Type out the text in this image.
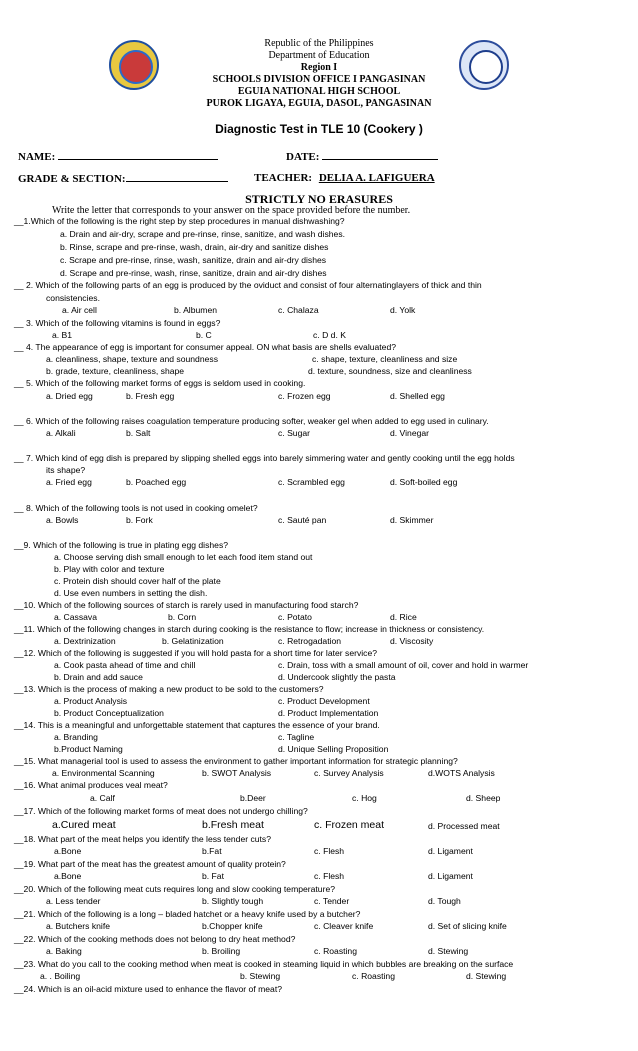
Republic of the Philippines
Department of Education
Region I
SCHOOLS DIVISION OFFICE I PANGASINAN
EGUIA NATIONAL HIGH SCHOOL
PUROK LIGAYA, EGUIA, DASOL, PANGASINAN
Diagnostic Test in TLE 10 (Cookery )
NAME:	DATE:
GRADE & SECTION:	TEACHER: DELIA A. LAFIGUERA
STRICTLY NO ERASURES
Write the letter that corresponds to your answer on the space provided before the number.
__1.Which of the following is the right step by step procedures in manual dishwashing?
a. Drain and air-dry, scrape and pre-rinse, rinse, sanitize, and wash dishes.
b. Rinse, scrape and pre-rinse, wash, drain, air-dry and sanitize dishes
c. Scrape and pre-rinse, rinse, wash, sanitize, drain and air-dry dishes
d. Scrape and pre-rinse, wash, rinse, sanitize, drain and air-dry dishes
__ 2. Which of the following parts of an egg is produced by the oviduct and consist of four alternatinglayers of thick and thin
consistencies.
a. Air cell	b. Albumen	c. Chalaza	d. Yolk
__ 3. Which of the following vitamins is found in eggs?
a. B1	b. C	c. D d. K
__ 4. The appearance of egg is important for consumer appeal. ON what basis are shells evaluated?
a. cleanliness, shape, texture and soundness	c. shape, texture, cleanliness and size
b. grade, texture, cleanliness, shape	d. texture, soundness, size and cleanliness
__ 5. Which of the following market forms of eggs is seldom used in cooking.
a. Dried egg	b. Fresh egg	c. Frozen egg	d. Shelled egg
__ 6. Which of the following raises coagulation temperature producing softer, weaker gel when added to egg used in culinary.
a. Alkali	b. Salt	c. Sugar	d. Vinegar
__ 7. Which kind of egg dish is prepared by slipping shelled eggs into barely simmering water and gently cooking until the egg holds
its shape?
a. Fried egg	b. Poached egg	c. Scrambled egg	d. Soft-boiled egg
__ 8. Which of the following tools is not used in cooking omelet?
a. Bowls	b. Fork	c. Sauté pan	d. Skimmer
__9. Which of the following is true in plating egg dishes?
a. Choose serving dish small enough to let each food item stand out
b. Play with color and texture
c. Protein dish should cover half of the plate
d. Use even numbers in setting the dish.
__10. Which of the following sources of starch is rarely used in manufacturing food starch?
a. Cassava	b. Corn	c. Potato	d. Rice
__11. Which of the following changes in starch during cooking is the resistance to flow; increase in thickness or consistency.
a. Dextrinization	b. Gelatinization	c. Retrogadation	d. Viscosity
__12. Which of the following is suggested if you will hold pasta for a short time for later service?
a. Cook pasta ahead of time and chill	c. Drain, toss with a small amount of oil, cover and hold in warmer
b. Drain and add sauce	d. Undercook slightly the pasta
__13. Which is the process of making a new product to be sold to the customers?
a. Product Analysis	c. Product Development
b. Product Conceptualization	d. Product Implementation
__14. This is a meaningful and unforgettable statement that captures the essence of your brand.
a. Branding	c. Tagline
b.Product Naming	d. Unique Selling Proposition
__15. What managerial tool is used to assess the environment to gather important information for strategic planning?
a. Environmental Scanning	b. SWOT Analysis	c. Survey Analysis	d.WOTS Analysis
__16. What animal produces veal meat?
a. Calf	b.Deer	c. Hog	d. Sheep
__17. Which of the following market forms of meat does not undergo chilling?
a.Cured meat	b.Fresh meat	c. Frozen meat	d. Processed meat
__18. What part of the meat helps you identify the less tender cuts?
a.Bone	b.Fat	c. Flesh	d. Ligament
__19. What part of the meat has the greatest amount of quality protein?
a.Bone	b. Fat	c. Flesh	d. Ligament
__20. Which of the following meat cuts requires long and slow cooking temperature?
a. Less tender	b. Slightly tough	c. Tender	d. Tough
__21. Which of the following is a long – bladed hatchet or a heavy knife used by a butcher?
a. Butchers knife	b.Chopper knife	c. Cleaver knife	d. Set of slicing knife
__22. Which of the cooking methods does not belong to dry heat method?
a. Baking	b. Broiling	c. Roasting	d. Stewing
__23. What do you call to the cooking method when meat is cooked in steaming liquid in which bubbles are breaking on the surface
a. . Boiling	b. Stewing	c. Roasting	d. Stewing
__24. Which is an oil-acid mixture used to enhance the flavor of meat?
